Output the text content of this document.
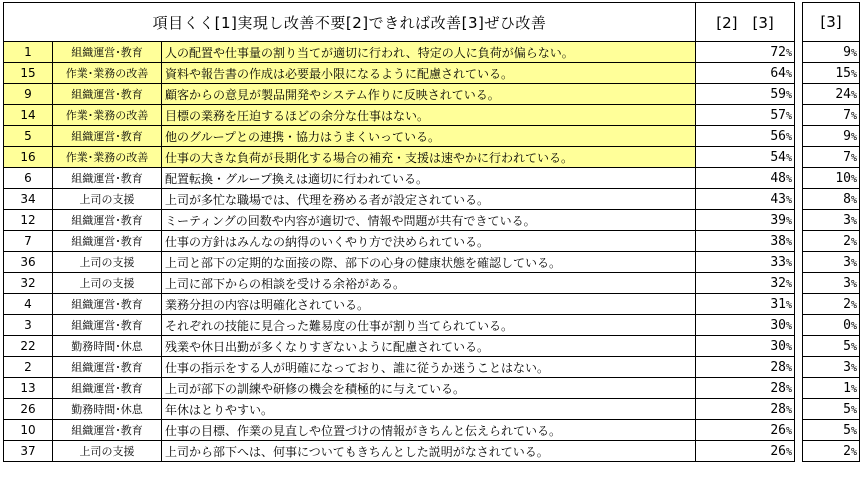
項目くく[1]実現し改善不要[2]できれば改善[3]ぜひ改善			[2]　[3]		[3]
1	組織運営･教育	人の配置や仕事量の割り当てが適切に行われ、特定の人に負荷が偏らない。	72%		9%
15	作業･業務の改善	資料や報告書の作成は必要最小限になるように配慮されている。	64%		15%
9	組織運営･教育	顧客からの意見が製品開発やシステム作りに反映されている。	59%		24%
14	作業･業務の改善	目標の業務を圧迫するほどの余分な仕事はない。	57%		7%
5	組織運営･教育	他のグループとの連携・協力はうまくいっている。	56%		9%
16	作業･業務の改善	仕事の大きな負荷が長期化する場合の補充・支援は速やかに行われている。	54%		7%
6	組織運営･教育	配置転換・グループ換えは適切に行われている。	48%		10%
34	上司の支援	上司が多忙な職場では、代理を務める者が設定されている。	43%		8%
12	組織運営･教育	ミーティングの回数や内容が適切で、情報や問題が共有できている。	39%		3%
7	組織運営･教育	仕事の方針はみんなの納得のいくやり方で決められている。	38%		2%
36	上司の支援	上司と部下の定期的な面接の際、部下の心身の健康状態を確認している。	33%		3%
32	上司の支援	上司に部下からの相談を受ける余裕がある。	32%		3%
4	組織運営･教育	業務分担の内容は明確化されている。	31%		2%
3	組織運営･教育	それぞれの技能に見合った難易度の仕事が割り当てられている。	30%		0%
22	勤務時間･休息	残業や休日出勤が多くなりすぎないように配慮されている。	30%		5%
2	組織運営･教育	仕事の指示をする人が明確になっており、誰に従うか迷うことはない。	28%		3%
13	組織運営･教育	上司が部下の訓練や研修の機会を積極的に与えている。	28%		1%
26	勤務時間･休息	年休はとりやすい。	28%		5%
10	組織運営･教育	仕事の目標、作業の見直しや位置づけの情報がきちんと伝えられている。	26%		5%
37	上司の支援	上司から部下へは、何事についてもきちんとした説明がなされている。	26%		2%
